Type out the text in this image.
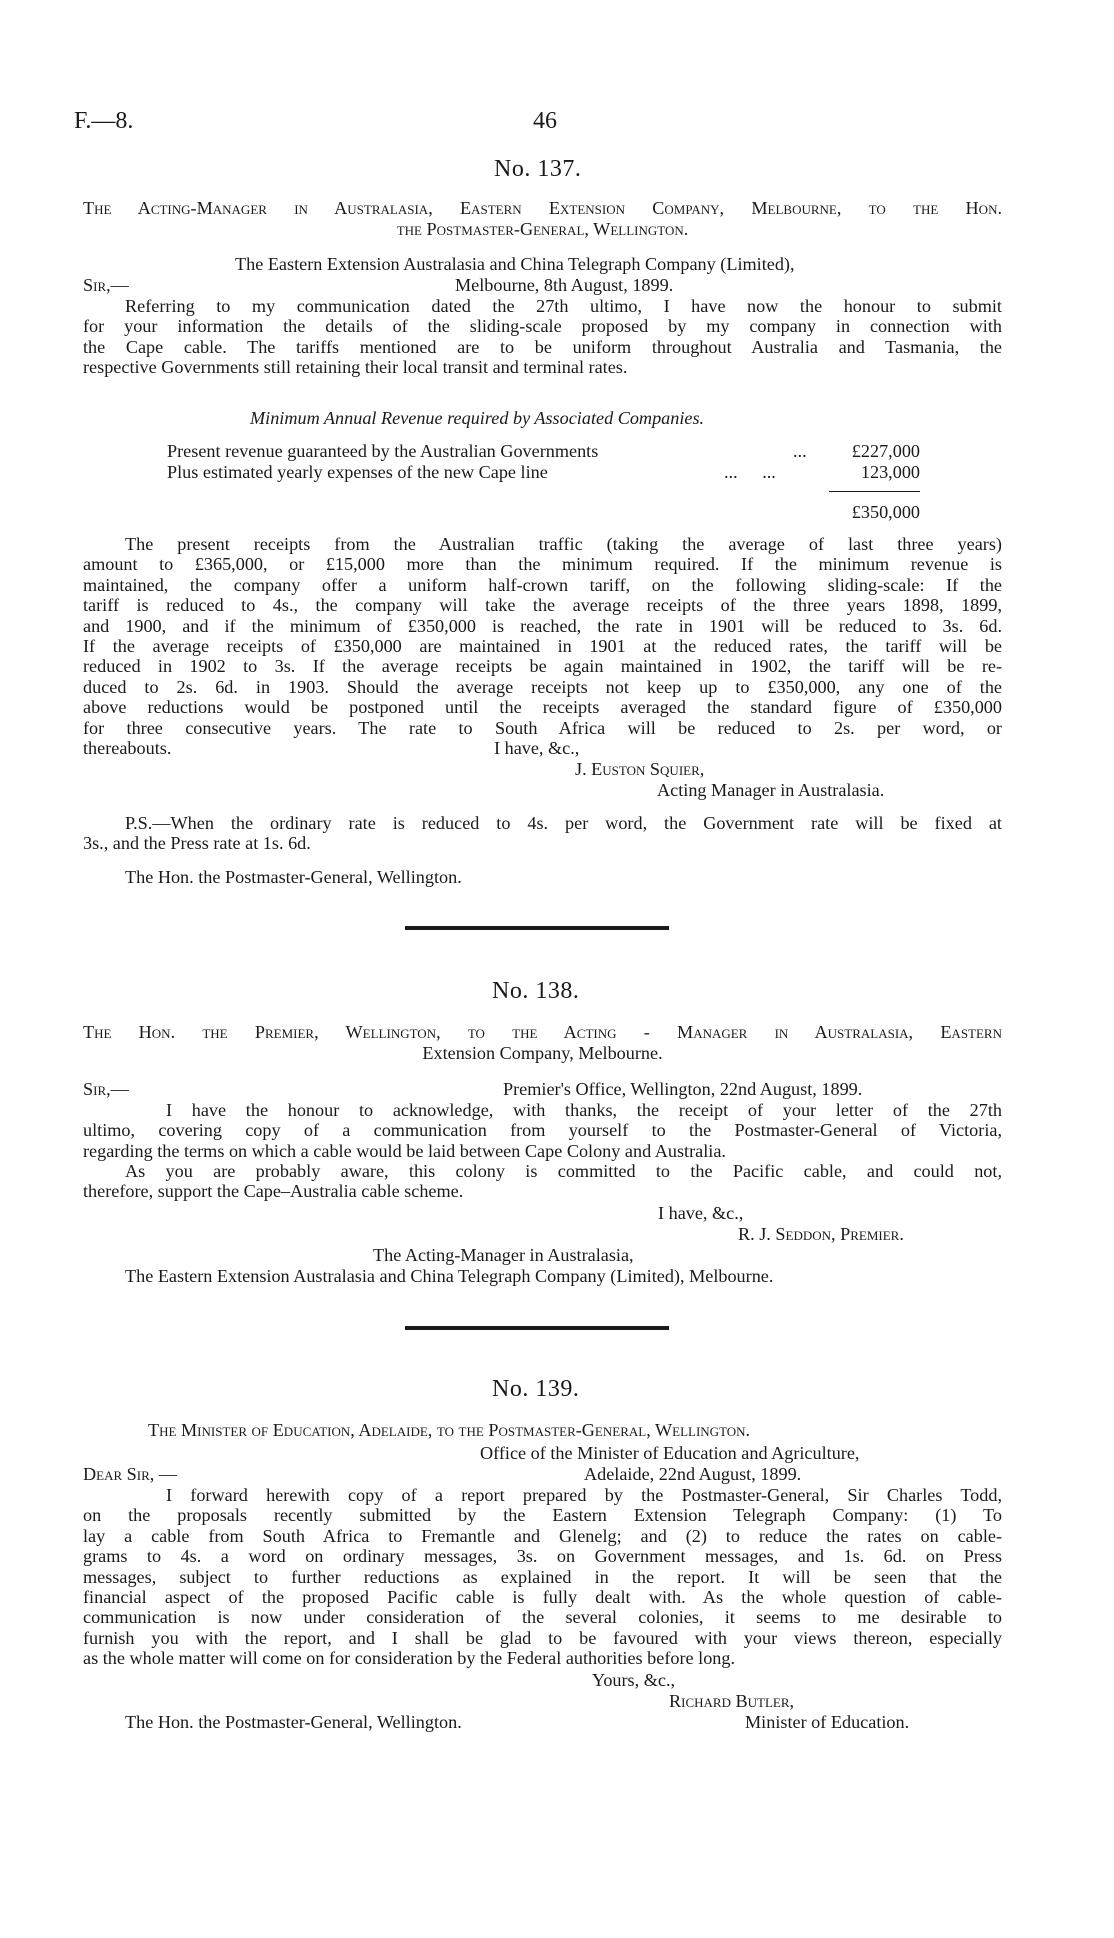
F.—8.	46
No. 137.
The Acting-Manager in Australasia, Eastern Extension Company, Melbourne, to the Hon.
the Postmaster-General, Wellington.
The Eastern Extension Australasia and China Telegraph Company (Limited),
Sir,—	Melbourne, 8th August, 1899.
Referring to my communication dated the 27th ultimo, I have now the honour to submit
for your information the details of the sliding-scale proposed by my company in connection with
the Cape cable. The tariffs mentioned are to be uniform throughout Australia and Tasmania, the
respective Governments still retaining their local transit and terminal rates.
Minimum Annual Revenue required by Associated Companies.
Present revenue guaranteed by the Australian Governments	...	£227,000
Plus estimated yearly expenses of the new Cape line	... ...	123,000
£350,000
The present receipts from the Australian traffic (taking the average of last three years)
amount to £365,000, or £15,000 more than the minimum required. If the minimum revenue is
maintained, the company offer a uniform half-crown tariff, on the following sliding-scale: If the
tariff is reduced to 4s., the company will take the average receipts of the three years 1898, 1899,
and 1900, and if the minimum of £350,000 is reached, the rate in 1901 will be reduced to 3s. 6d.
If the average receipts of £350,000 are maintained in 1901 at the reduced rates, the tariff will be
reduced in 1902 to 3s. If the average receipts be again maintained in 1902, the tariff will be re-
duced to 2s. 6d. in 1903. Should the average receipts not keep up to £350,000, any one of the
above reductions would be postponed until the receipts averaged the standard figure of £350,000
for three consecutive years. The rate to South Africa will be reduced to 2s. per word, or
thereabouts.	I have, &c.,
J. Euston Squier,
Acting Manager in Australasia.
P.S.—When the ordinary rate is reduced to 4s. per word, the Government rate will be fixed at
3s., and the Press rate at 1s. 6d.
The Hon. the Postmaster-General, Wellington.
No. 138.
The Hon. the Premier, Wellington, to the Acting - Manager in Australasia, Eastern
Extension Company, Melbourne.
Sir,—	Premier's Office, Wellington, 22nd August, 1899.
I have the honour to acknowledge, with thanks, the receipt of your letter of the 27th
ultimo, covering copy of a communication from yourself to the Postmaster-General of Victoria,
regarding the terms on which a cable would be laid between Cape Colony and Australia.
As you are probably aware, this colony is committed to the Pacific cable, and could not,
therefore, support the Cape–Australia cable scheme.
I have, &c.,
R. J. Seddon, Premier.
The Acting-Manager in Australasia,
The Eastern Extension Australasia and China Telegraph Company (Limited), Melbourne.
No. 139.
The Minister of Education, Adelaide, to the Postmaster-General, Wellington.
Office of the Minister of Education and Agriculture,
Dear Sir, —	Adelaide, 22nd August, 1899.
I forward herewith copy of a report prepared by the Postmaster-General, Sir Charles Todd,
on the proposals recently submitted by the Eastern Extension Telegraph Company: (1) To
lay a cable from South Africa to Fremantle and Glenelg; and (2) to reduce the rates on cable-
grams to 4s. a word on ordinary messages, 3s. on Government messages, and 1s. 6d. on Press
messages, subject to further reductions as explained in the report. It will be seen that the
financial aspect of the proposed Pacific cable is fully dealt with. As the whole question of cable-
communication is now under consideration of the several colonies, it seems to me desirable to
furnish you with the report, and I shall be glad to be favoured with your views thereon, especially
as the whole matter will come on for consideration by the Federal authorities before long.
Yours, &c.,
Richard Butler,
The Hon. the Postmaster-General, Wellington.	Minister of Education.
